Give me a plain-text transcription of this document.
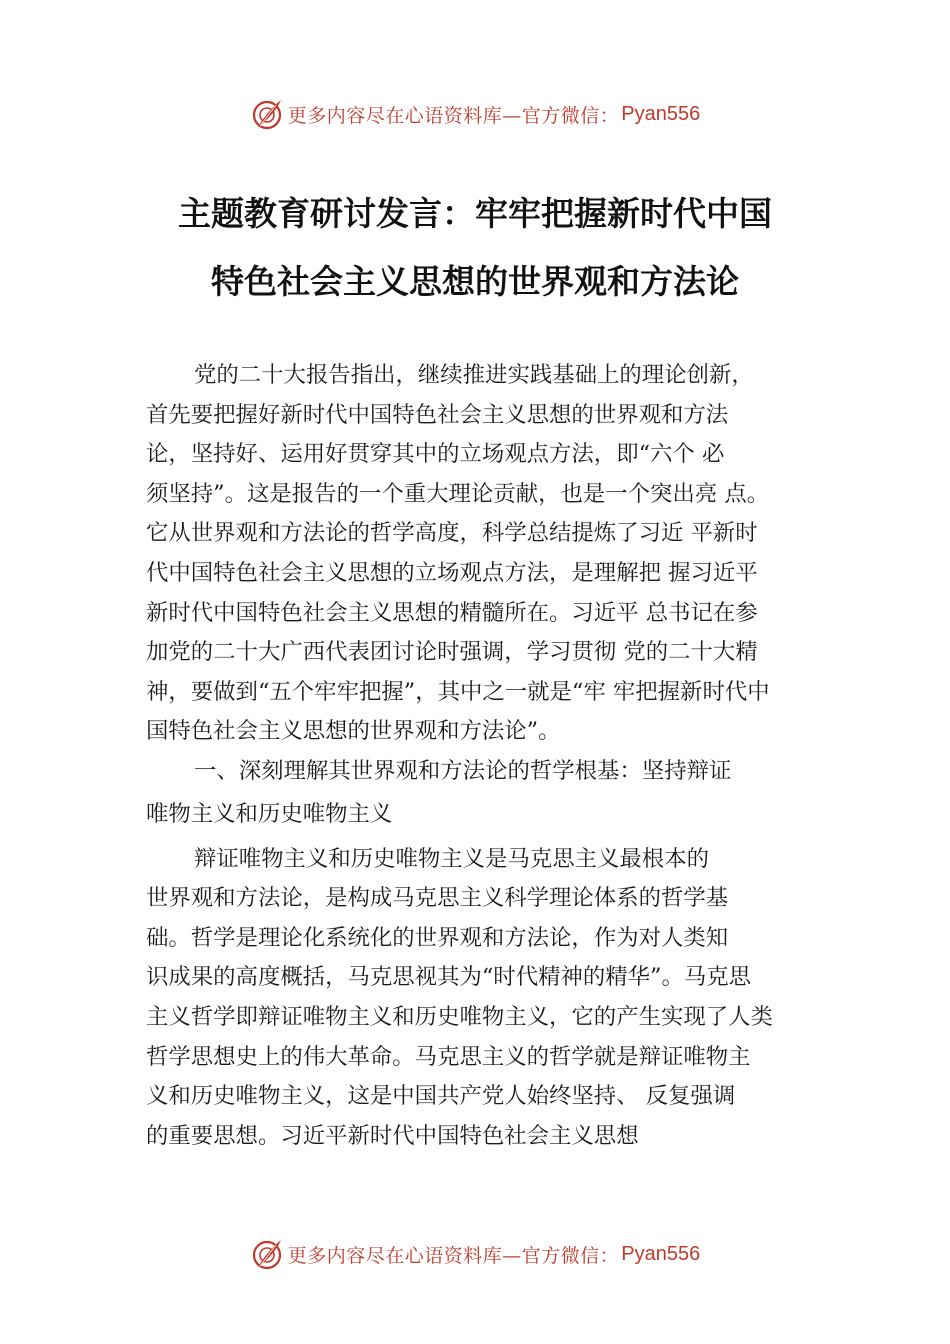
更多内容尽在心语资料库—官方微信： Pyan556
主题教育研讨发言：牢牢把握新时代中国
特色社会主义思想的世界观和方法论
党的二十大报告指出，继续推进实践基础上的理论创新，
首先要把握好新时代中国特色社会主义思想的世界观和方法
论，坚持好、运用好贯穿其中的立场观点方法，即“六个 必
须坚持”。这是报告的一个重大理论贡献，也是一个突出亮 点。
它从世界观和方法论的哲学高度，科学总结提炼了习近 平新时
代中国特色社会主义思想的立场观点方法，是理解把 握习近平
新时代中国特色社会主义思想的精髓所在。习近平 总书记在参
加党的二十大广西代表团讨论时强调，学习贯彻 党的二十大精
神，要做到“五个牢牢把握”，其中之一就是“牢 牢把握新时代中
国特色社会主义思想的世界观和方法论”。
一、深刻理解其世界观和方法论的哲学根基：坚持辩证
唯物主义和历史唯物主义
辩证唯物主义和历史唯物主义是马克思主义最根本的
世界观和方法论，是构成马克思主义科学理论体系的哲学基
础。哲学是理论化系统化的世界观和方法论，作为对人类知
识成果的高度概括，马克思视其为“时代精神的精华”。马克思
主义哲学即辩证唯物主义和历史唯物主义，它的产生实现了人类
哲学思想史上的伟大革命。马克思主义的哲学就是辩证唯物主
义和历史唯物主义，这是中国共产党人始终坚持、 反复强调
的重要思想。习近平新时代中国特色社会主义思想
更多内容尽在心语资料库—官方微信： Pyan556
